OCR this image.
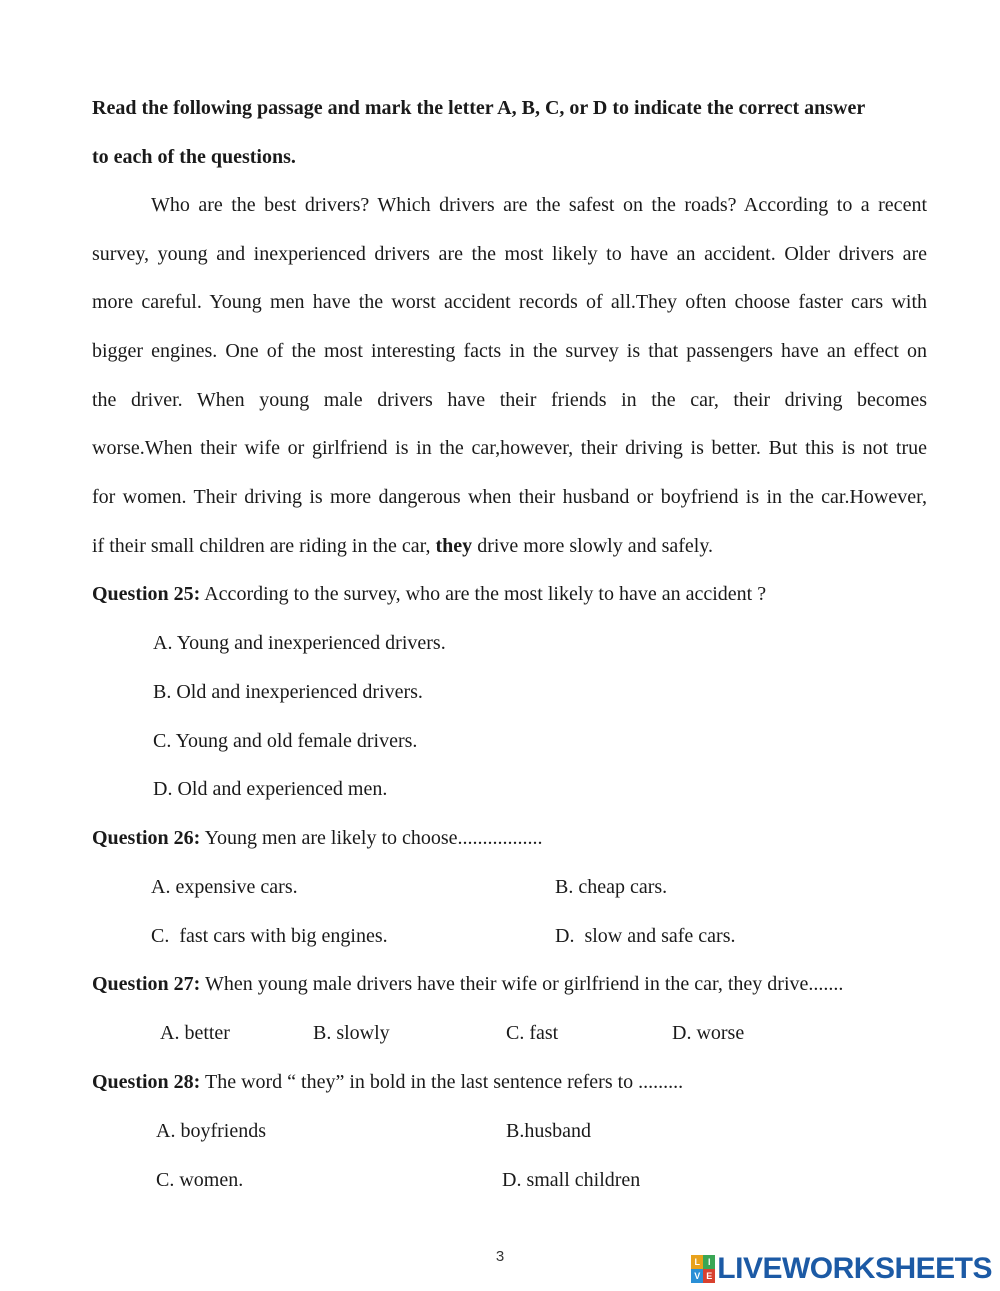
Read the following passage and mark the letter A, B, C, or D to indicate the correct answer
to each of the questions.
Who are the best drivers? Which drivers are the safest on the roads? According to a recent
survey, young and inexperienced drivers are the most likely to have an accident. Older drivers are
more careful. Young men have the worst accident records of all.They often choose faster cars with
bigger engines. One of the most interesting facts in the survey is that passengers have an effect on
the driver. When young male drivers have their friends in the car, their driving becomes
worse.When their wife or girlfriend is in the car,however, their driving is better. But this is not true
for women. Their driving is more dangerous when their husband or boyfriend is in the car.However,
if their small children are riding in the car, they drive more slowly and safely.
Question 25: According to the survey, who are the most likely to have an accident ?
A. Young and inexperienced drivers.
B. Old and inexperienced drivers.
C. Young and old female drivers.
D. Old and experienced men.
Question 26: Young men are likely to choose.................
A. expensive cars.	B. cheap cars.
C.  fast cars with big engines.	D.  slow and safe cars.
Question 27: When young male drivers have their wife or girlfriend in the car, they drive.......
A. better	B. slowly	C. fast	D. worse
Question 28: The word “ they” in bold in the last sentence refers to .........
A. boyfriends	B.husband
C. women.	D. small children
3	L I
V E LIVEWORKSHEETS
